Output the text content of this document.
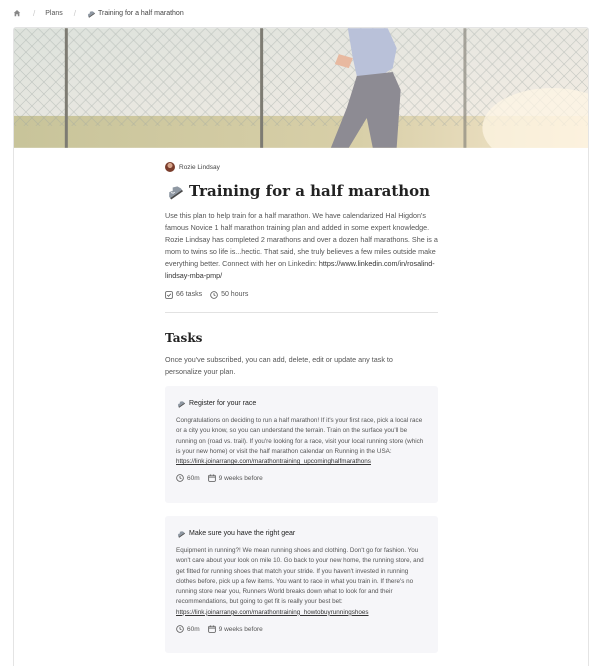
/ Plans /	Training for a half marathon
Rozie Lindsay
Training for a half marathon

Use this plan to help train for a half marathon. We have calendarized Hal Higdon's famous Novice 1 half marathon training plan and added in some expert knowledge. Rozie Lindsay has completed 2 marathons and over a dozen half marathons. She is a mom to twins so life is...hectic. That said, she truly believes a few miles outside make everything better. Connect with her on Linkedin: https://www.linkedin.com/in/rosalind-lindsay-mba-pmp/

66 tasks	50 hours
Tasks

Once you've subscribed, you can add, delete, edit or update any task to personalize your plan.

Register for your race

Congratulations on deciding to run a half marathon! If it's your first race, pick a local race or a city you know, so you can understand the terrain. Train on the surface you'll be running on (road vs. trail). If you're looking for a race, visit your local running store (which is your new home) or visit the half marathon calendar on Running in the USA:
https://link.joinarrange.com/marathontraining_upcominghalfmarathons

60m	9 weeks before
Make sure you have the right gear

Equipment in running?! We mean running shoes and clothing. Don't go for fashion. You won't care about your look on mile 10. Go back to your new home, the running store, and get fitted for running shoes that match your stride. If you haven't invested in running clothes before, pick up a few items. You want to race in what you train in. If there's no running store near you, Runners World breaks down what to look for and their recommendations, but going to get fit is really your best bet:
https://link.joinarrange.com/marathontraining_howtobuyrunningshoes

60m	9 weeks before
